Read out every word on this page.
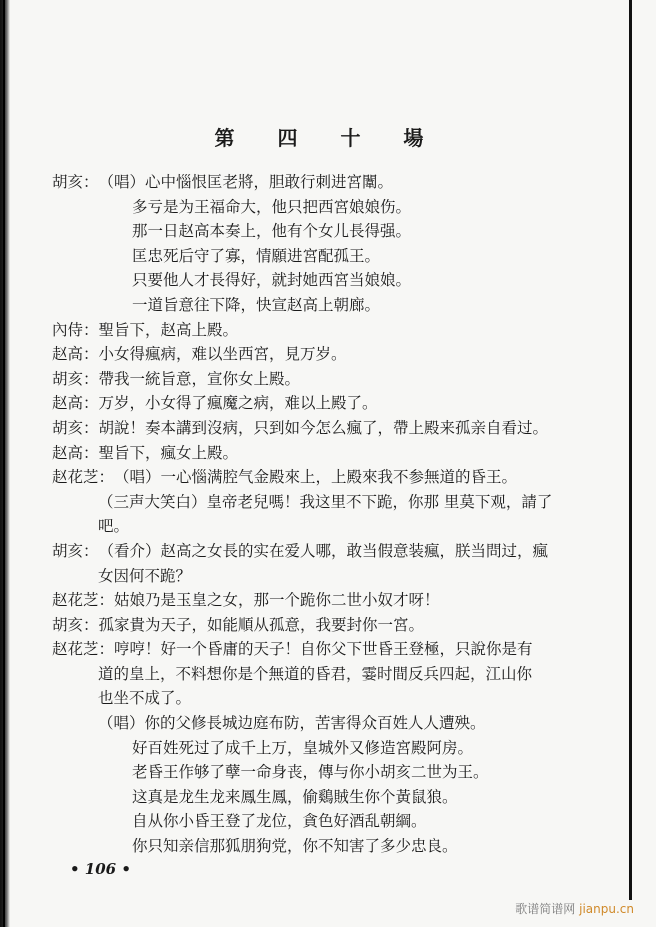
第 四 十 場
胡亥：（唱）心中惱恨匡老將，胆敢行刺进宮闈。
多亏是为王福命大，他只把西宮娘娘伤。
那一日赵高本奏上，他有个女儿長得强。
匡忠死后守了寡，情願进宮配孤王。
只要他人才長得好，就封她西宮当娘娘。
一道旨意往下降，快宣赵高上朝廊。
內侍：聖旨下，赵高上殿。
赵高：小女得瘋病，难以坐西宮，見万岁。
胡亥：帶我一統旨意，宣你女上殿。
赵高：万岁，小女得了瘋魔之病，难以上殿了。
胡亥：胡說！奏本講到沒病，只到如今怎么瘋了，帶上殿来孤亲自看过。
赵高：聖旨下，瘋女上殿。
赵花芝：（唱）一心惱满腔气金殿來上，上殿來我不参無道的昏王。
（三声大笑白）皇帝老兒嗎！我这里不下跪，你那 里莫下观，請了
吧。
胡亥：（看介）赵高之女長的实在爱人哪，敢当假意装瘋，朕当問过，瘋
女因何不跪？
赵花芝：姑娘乃是玉皇之女，那一个跪你二世小奴才呀！
胡亥：孤家貴为天子，如能順从孤意，我要封你一宮。
赵花芝：哼哼！好一个昏庸的天子！自你父下世昏王登極，只說你是有
道的皇上，不料想你是个無道的昏君，霎时間反兵四起，江山你
也坐不成了。
（唱）你的父修長城边庭布防，苦害得众百姓人人遭殃。
好百姓死过了成千上万，皇城外又修造宮殿阿房。
老昏王作够了孽一命身丧，傳与你小胡亥二世为王。
这真是龙生龙来鳳生鳳，偷鷄賊生你个黃鼠狼。
自从你小昏王登了龙位，貪色好酒乱朝綱。
你只知亲信那狐朋狗党，你不知害了多少忠良。
• 106 •
歌谱简谱网 jianpu.cn
